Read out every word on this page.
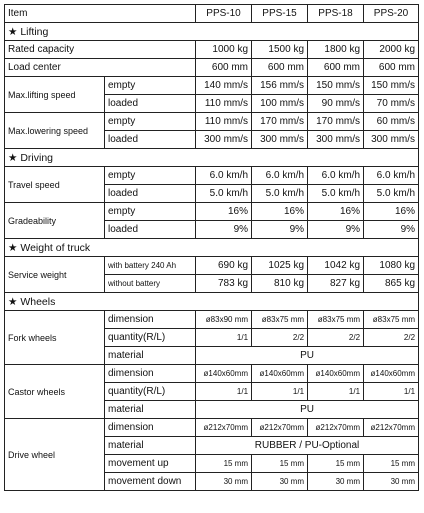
Item		PPS-10	PPS-15	PPS-18	PPS-20
★ Lifting					
Rated capacity		1000 kg	1500 kg	1800 kg	2000 kg
Load center		600 mm	600 mm	600 mm	600 mm
Max.lifting speed	empty	140 mm/s	156 mm/s	150 mm/s	150 mm/s
	loaded	110 mm/s	100 mm/s	90 mm/s	70 mm/s
Max.lowering speed	empty	110 mm/s	170 mm/s	170 mm/s	60 mm/s
	loaded	300 mm/s	300 mm/s	300 mm/s	300 mm/s
★ Driving					
Travel speed	empty	6.0 km/h	6.0 km/h	6.0 km/h	6.0 km/h
	loaded	5.0 km/h	5.0 km/h	5.0 km/h	5.0 km/h
Gradeability	empty	16%	16%	16%	16%
	loaded	9%	9%	9%	9%
★ Weight of truck					
Service weight	with battery 240 Ah	690 kg	1025 kg	1042 kg	1080 kg
	without battery	783 kg	810 kg	827 kg	865 kg
★ Wheels					
Fork wheels	dimension	ø83x90 mm	ø83x75 mm	ø83x75 mm	ø83x75 mm
	quantity(R/L)	1/1	2/2	2/2	2/2
	material	PU			
Castor wheels	dimension	ø140x60mm	ø140x60mm	ø140x60mm	ø140x60mm
	quantity(R/L)	1/1	1/1	1/1	1/1
	material	PU			
Drive wheel	dimension	ø212x70mm	ø212x70mm	ø212x70mm	ø212x70mm
	material	RUBBER / PU-Optional			
	movement up	15 mm	15 mm	15 mm	15 mm
	movement down	30 mm	30 mm	30 mm	30 mm
